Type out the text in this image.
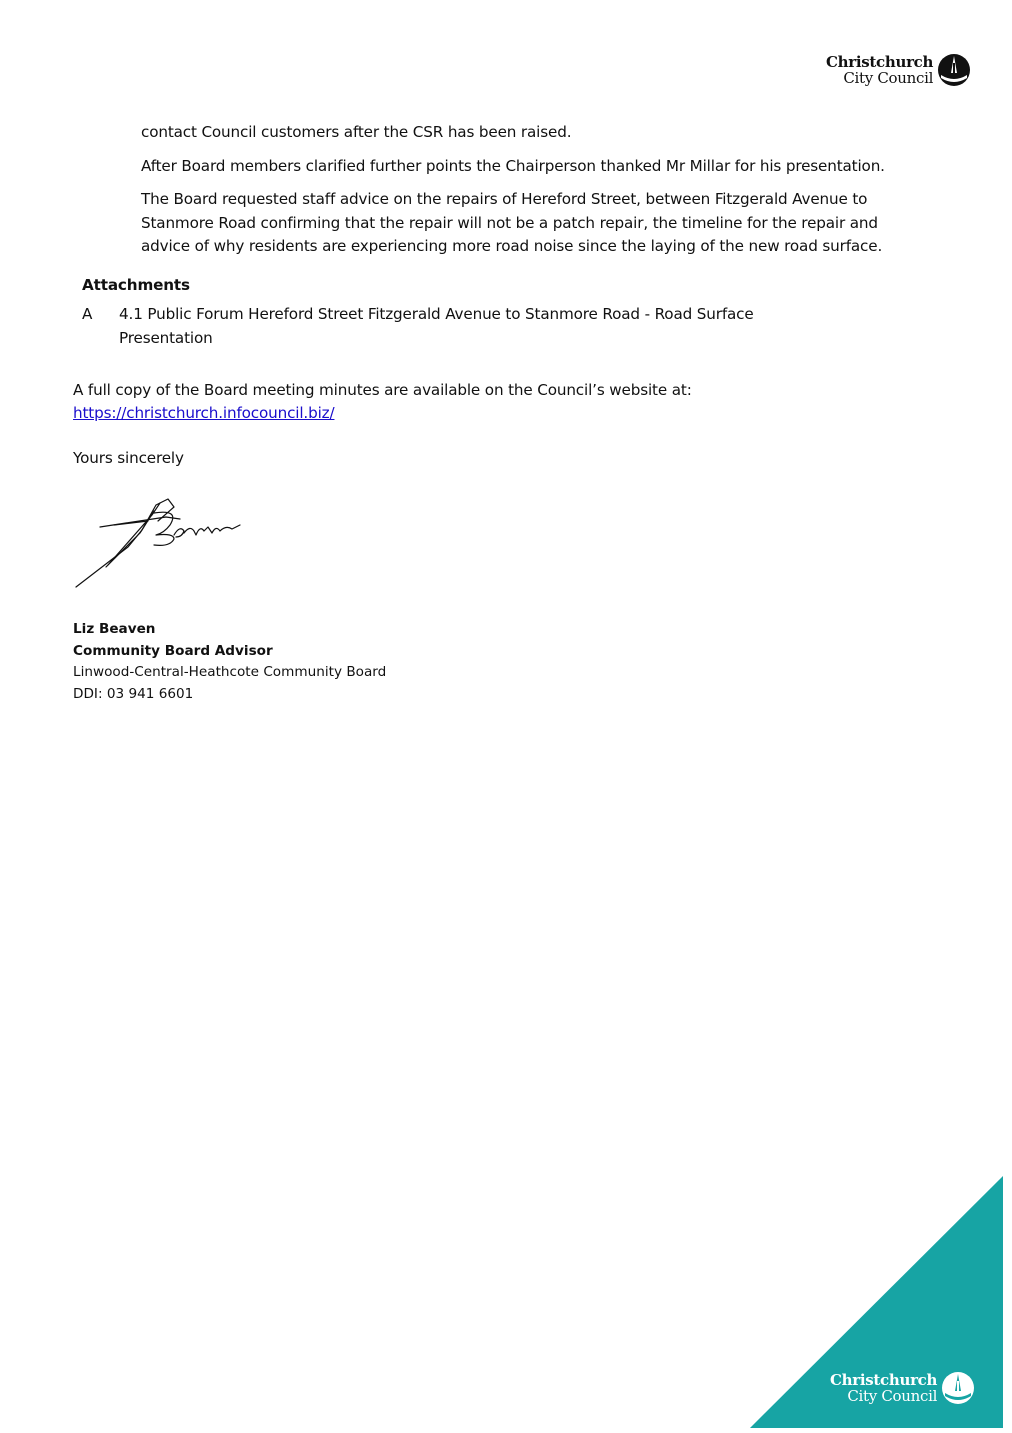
Christchurch
City Council
contact Council customers after the CSR has been raised.
After Board members clarified further points the Chairperson thanked Mr Millar for his presentation.
The Board requested staff advice on the repairs of Hereford Street, between Fitzgerald Avenue to
Stanmore Road confirming that the repair will not be a patch repair, the timeline for the repair and
advice of why residents are experiencing more road noise since the laying of the new road surface.
Attachments
A 4.1 Public Forum Hereford Street Fitzgerald Avenue to Stanmore Road - Road Surface
Presentation
A full copy of the Board meeting minutes are available on the Council’s website at:
https://christchurch.infocouncil.biz/
Yours sincerely
Liz Beaven
Community Board Advisor
Linwood-Central-Heathcote Community Board
DDI: 03 941 6601
Christchurch
City Council
